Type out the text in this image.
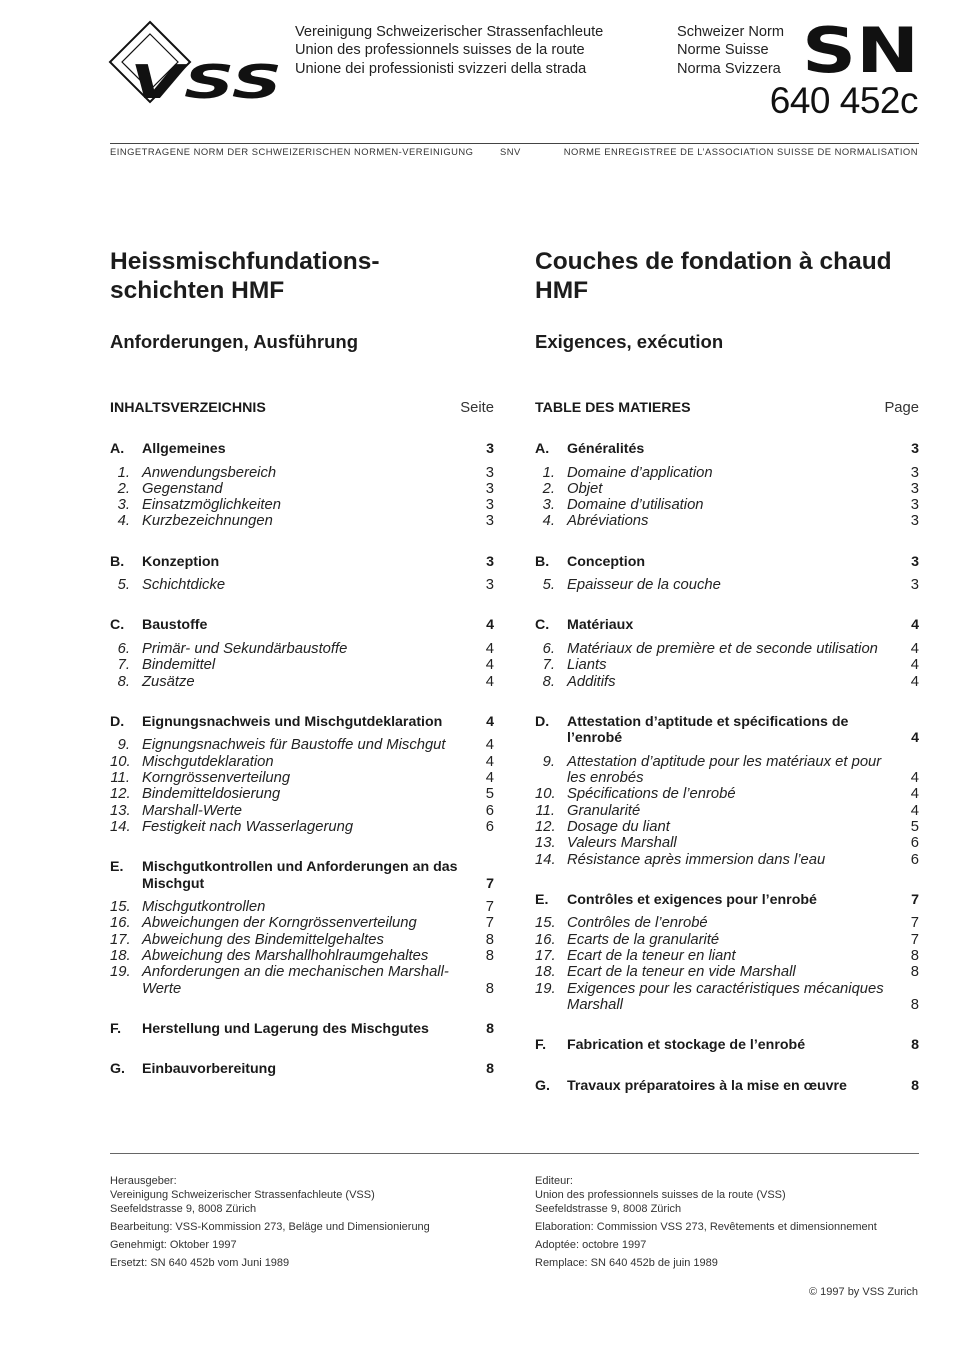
VSS
Vereinigung Schweizerischer Strassenfachleute
Union des professionnels suisses de la route
Unione dei professionisti svizzeri della strada
Schweizer Norm
Norme Suisse
Norma Svizzera SN
640 452c
EINGETRAGENE NORM DER SCHWEIZERISCHEN NORMEN-VEREINIGUNG	SNV	NORME ENREGISTREE DE L’ASSOCIATION SUISSE DE NORMALISATION
Heissmischfundations- schichten HMF
Couches de fondation à chaud HMF
Anforderungen, Ausführung	Exigences, exécution
INHALTSVERZEICHNIS	Seite
A. Allgemeines	3
1. Anwendungsbereich	3
2. Gegenstand	3
3. Einsatzmöglichkeiten	3
4. Kurzbezeichnungen	3
B. Konzeption	3
5. Schichtdicke	3
C. Baustoffe	4
6. Primär- und Sekundärbaustoffe	4
7. Bindemittel	4
8. Zusätze	4
D. Eignungsnachweis und Mischgutdeklaration	4
9. Eignungsnachweis für Baustoffe und Mischgut	4
10. Mischgutdeklaration	4
11. Korngrössenverteilung	4
12. Bindemitteldosierung	5
13. Marshall-Werte	6
14. Festigkeit nach Wasserlagerung	6
E. Mischgutkontrollen und Anforderungen an das Mischgut	7
15. Mischgutkontrollen	7
16. Abweichungen der Korngrössenverteilung	7
17. Abweichung des Bindemittelgehaltes	8
18. Abweichung des Marshallhohlraumgehaltes	8
19. Anforderungen an die mechanischen Marshall-Werte	8
F. Herstellung und Lagerung des Mischgutes	8
G. Einbauvorbereitung	8
TABLE DES MATIERES	Page
A. Généralités	3
1. Domaine d’application	3
2. Objet	3
3. Domaine d’utilisation	3
4. Abréviations	3
B. Conception	3
5. Epaisseur de la couche	3
C. Matériaux	4
6. Matériaux de première et de seconde utilisation	4
7. Liants	4
8. Additifs	4
D. Attestation d’aptitude et spécifications de l’enrobé	4
9. Attestation d’aptitude pour les matériaux et pour les enrobés	4
10. Spécifications de l’enrobé	4
11. Granularité	4
12. Dosage du liant	5
13. Valeurs Marshall	6
14. Résistance après immersion dans l’eau	6
E. Contrôles et exigences pour l’enrobé	7
15. Contrôles de l’enrobé	7
16. Ecarts de la granularité	7
17. Ecart de la teneur en liant	8
18. Ecart de la teneur en vide Marshall	8
19. Exigences pour les caractéristiques mécaniques Marshall	8
F. Fabrication et stockage de l’enrobé	8
G. Travaux préparatoires à la mise en œuvre	8

Herausgeber:
Vereinigung Schweizerischer Strassenfachleute (VSS)
Seefeldstrasse 9, 8008 Zürich

Bearbeitung: VSS-Kommission 273, Beläge und Dimensionierung

Genehmigt: Oktober 1997

Ersetzt: SN 640 452b vom Juni 1989

Editeur:
Union des professionnels suisses de la route (VSS)
Seefeldstrasse 9, 8008 Zürich

Elaboration: Commission VSS 273, Revêtements et dimensionnement

Adoptée: octobre 1997

Remplace: SN 640 452b de juin 1989

© 1997 by VSS Zurich
